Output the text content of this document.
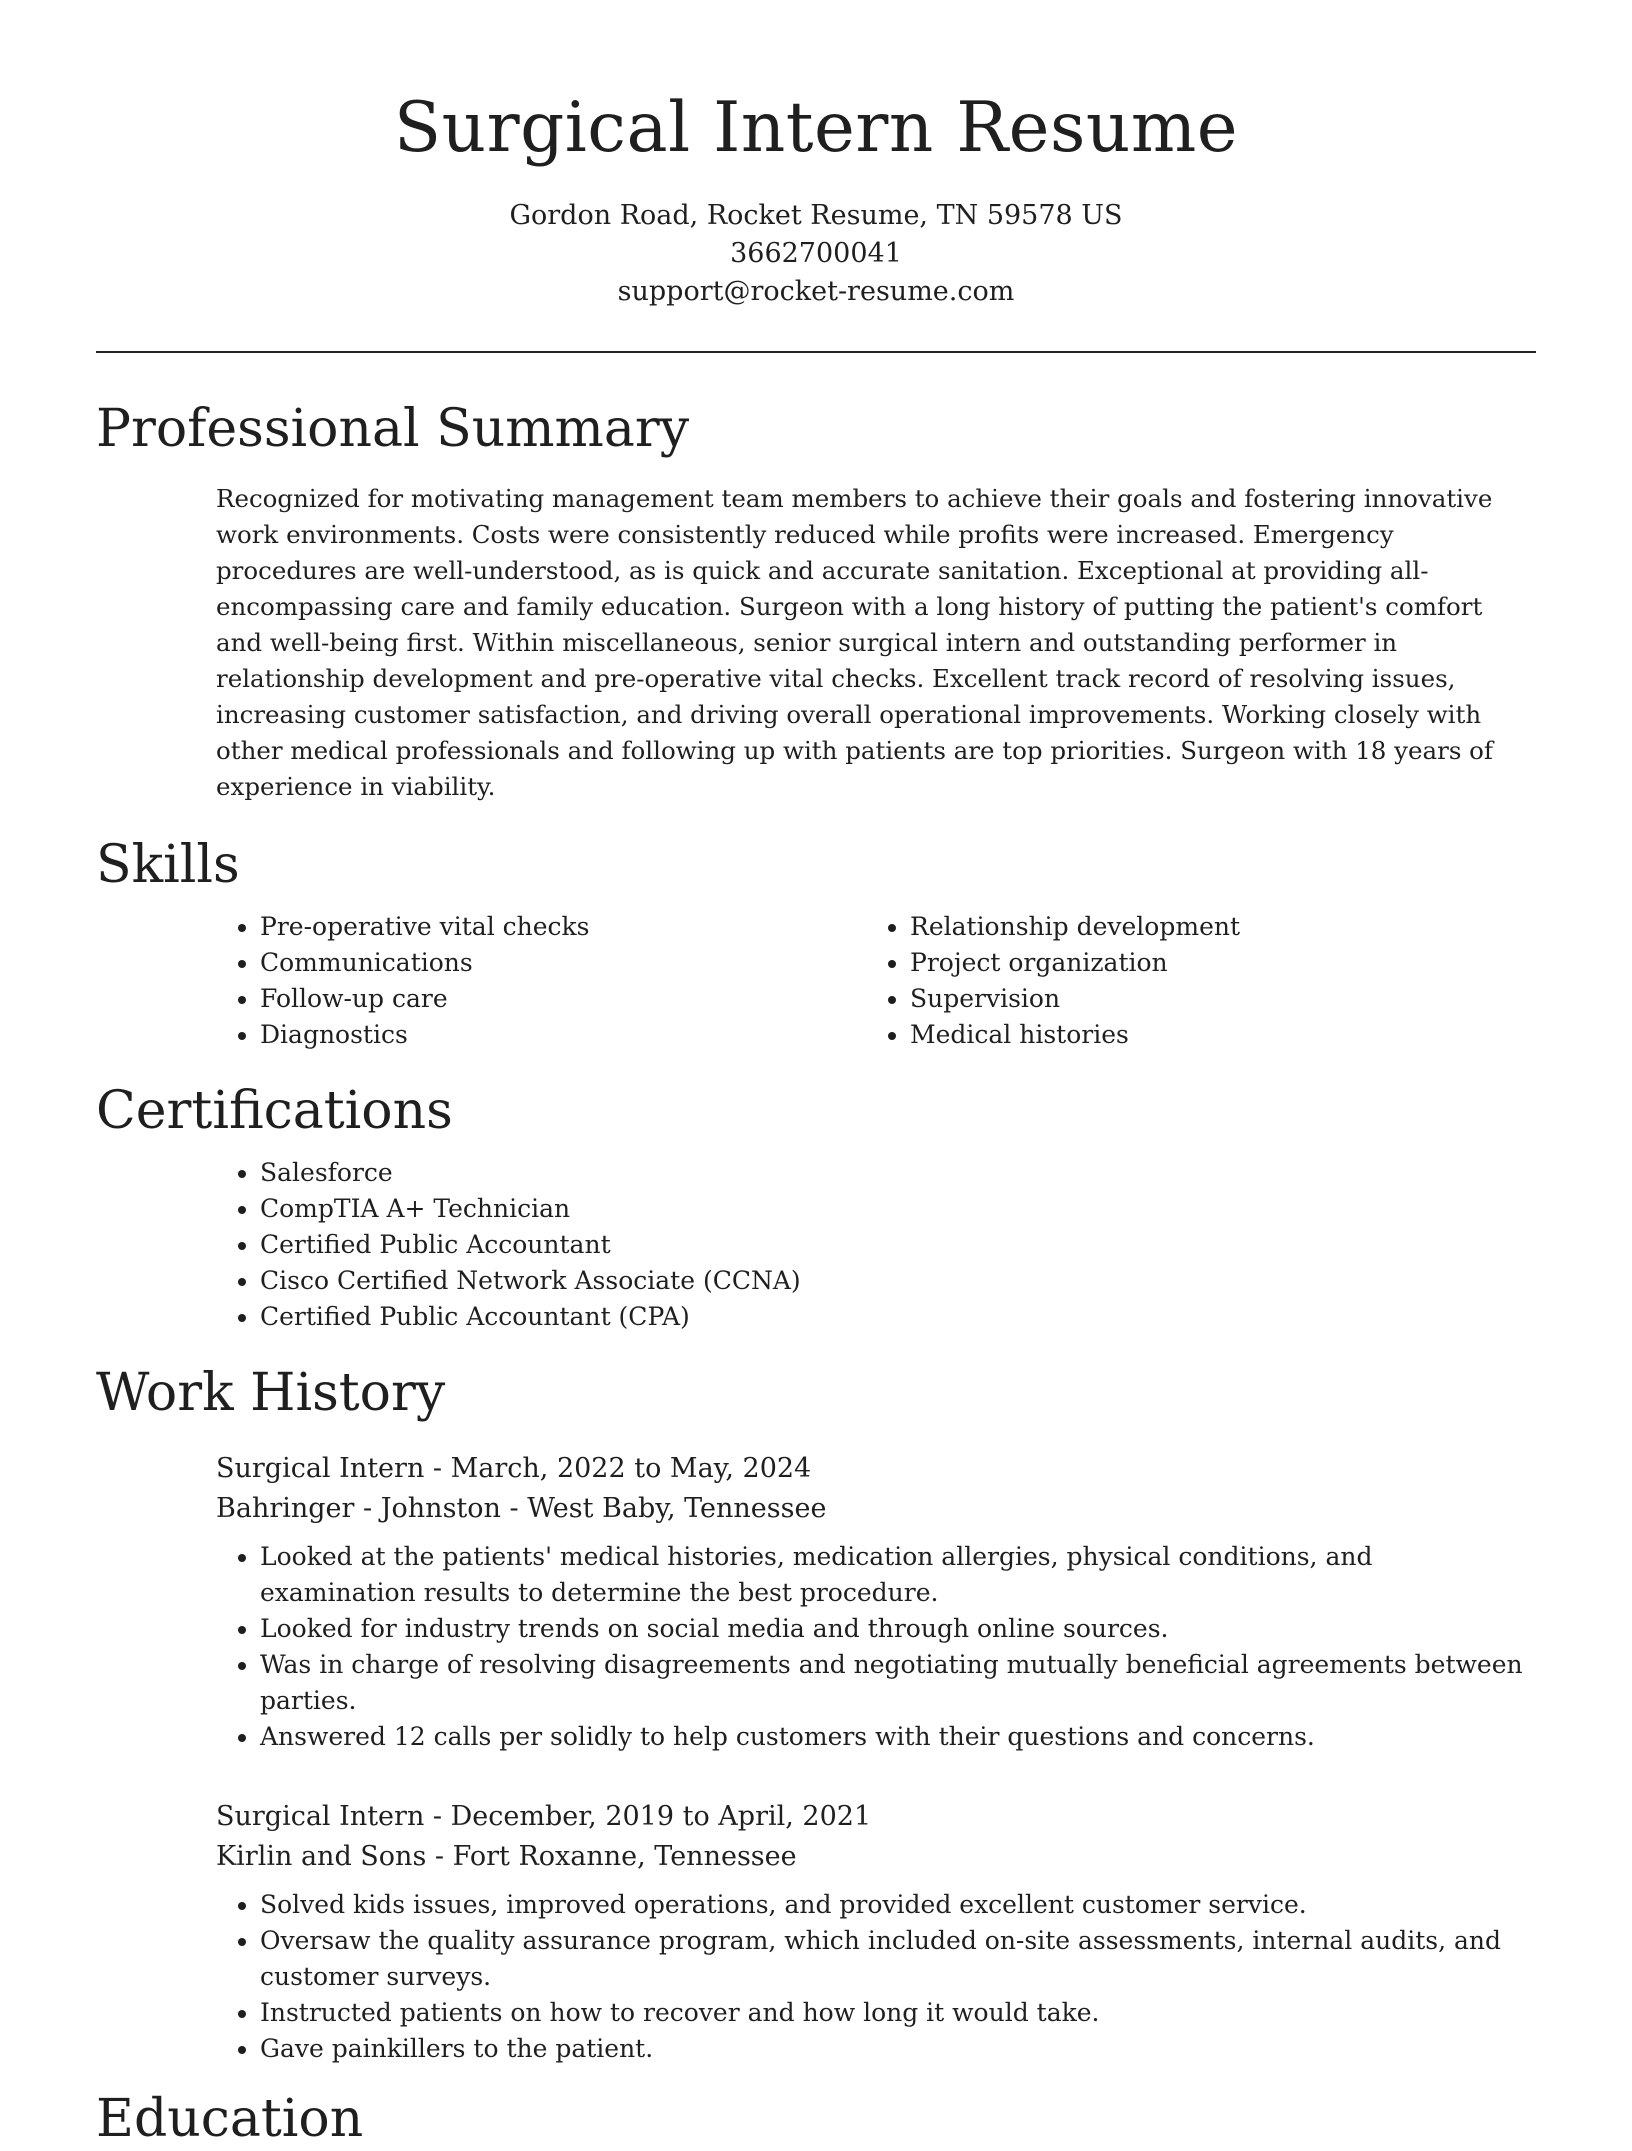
Surgical Intern Resume

Gordon Road, Rocket Resume, TN 59578 US

3662700041

support@rocket-resume.com

Professional Summary

Recognized for motivating management team members to achieve their goals and fostering innovative work environments. Costs were consistently reduced while profits were increased. Emergency procedures are well-understood, as is quick and accurate sanitation. Exceptional at providing all-encompassing care and family education. Surgeon with a long history of putting the patient's comfort and well-being first. Within miscellaneous, senior surgical intern and outstanding performer in relationship development and pre-operative vital checks. Excellent track record of resolving issues, increasing customer satisfaction, and driving overall operational improvements. Working closely with other medical professionals and following up with patients are top priorities. Surgeon with 18 years of experience in viability.

Skills
• Pre-operative vital checks
• Communications
• Follow-up care
• Diagnostics
• Relationship development
• Project organization
• Supervision
• Medical histories
Certifications
• Salesforce
• CompTIA A+ Technician
• Certified Public Accountant
• Cisco Certified Network Associate (CCNA)
• Certified Public Accountant (CPA)
Work History

Surgical Intern - March, 2022 to May, 2024

Bahringer - Johnston - West Baby, Tennessee

• Looked at the patients' medical histories, medication allergies, physical conditions, and examination results to determine the best procedure.
• Looked for industry trends on social media and through online sources.
• Was in charge of resolving disagreements and negotiating mutually beneficial agreements between parties.
• Answered 12 calls per solidly to help customers with their questions and concerns.

Surgical Intern - December, 2019 to April, 2021

Kirlin and Sons - Fort Roxanne, Tennessee

• Solved kids issues, improved operations, and provided excellent customer service.
• Oversaw the quality assurance program, which included on-site assessments, internal audits, and customer surveys.
• Instructed patients on how to recover and how long it would take.
• Gave painkillers to the patient.
Education
